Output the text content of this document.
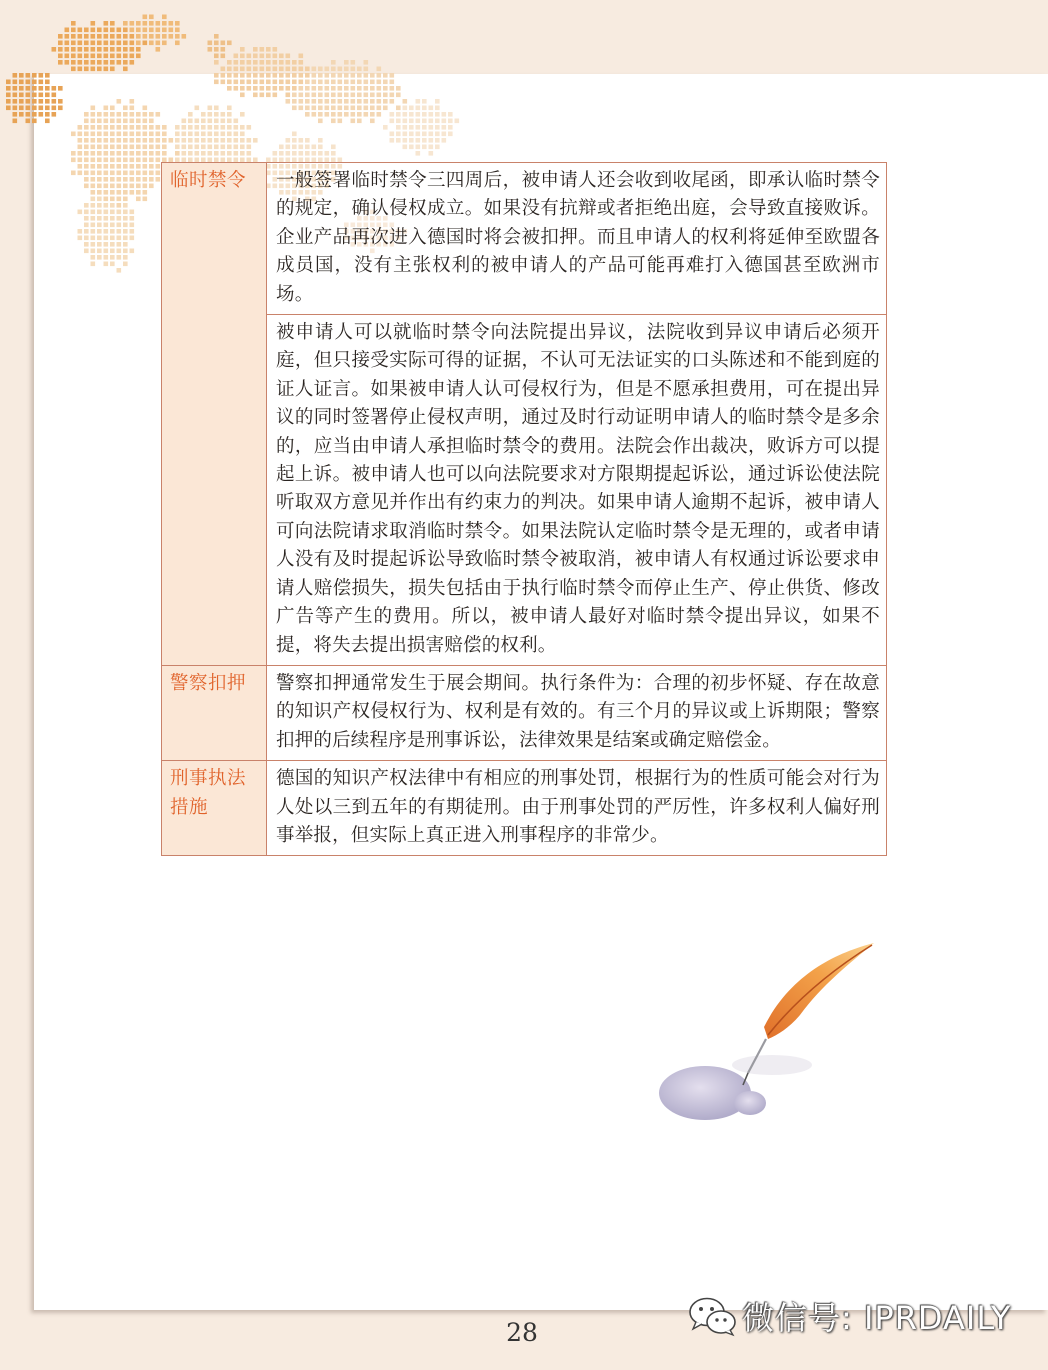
临时禁令	一般签署临时禁令三四周后，被申请人还会收到收尾函，即承认临时禁令的规定，确认侵权成立。如果没有抗辩或者拒绝出庭，会导致直接败诉。企业产品再次进入德国时将会被扣押。而且申请人的权利将延伸至欧盟各成员国，没有主张权利的被申请人的产品可能再难打入德国甚至欧洲市场。
	被申请人可以就临时禁令向法院提出异议，法院收到异议申请后必须开庭，但只接受实际可得的证据，不认可无法证实的口头陈述和不能到庭的证人证言。如果被申请人认可侵权行为，但是不愿承担费用，可在提出异议的同时签署停止侵权声明，通过及时行动证明申请人的临时禁令是多余的，应当由申请人承担临时禁令的费用。法院会作出裁决，败诉方可以提起上诉。被申请人也可以向法院要求对方限期提起诉讼，通过诉讼使法院听取双方意见并作出有约束力的判决。如果申请人逾期不起诉，被申请人可向法院请求取消临时禁令。如果法院认定临时禁令是无理的，或者申请人没有及时提起诉讼导致临时禁令被取消，被申请人有权通过诉讼要求申请人赔偿损失，损失包括由于执行临时禁令而停止生产、停止供货、修改广告等产生的费用。所以，被申请人最好对临时禁令提出异议，如果不提，将失去提出损害赔偿的权利。
警察扣押	警察扣押通常发生于展会期间。执行条件为：合理的初步怀疑、存在故意的知识产权侵权行为、权利是有效的。有三个月的异议或上诉期限；警察扣押的后续程序是刑事诉讼，法律效果是结案或确定赔偿金。
刑事执法措施	德国的知识产权法律中有相应的刑事处罚，根据行为的性质可能会对行为人处以三到五年的有期徒刑。由于刑事处罚的严厉性，许多权利人偏好刑事举报，但实际上真正进入刑事程序的非常少。
28	微信号: IPRDAILY
